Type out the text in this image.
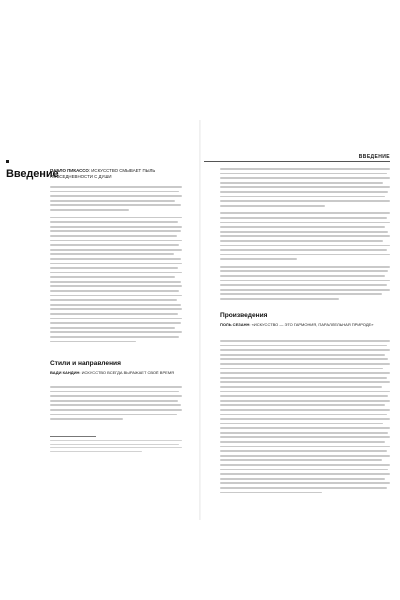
Введение
ПАБЛО ПИКАССО: ИСКУССТВО СМЫВАЕТ ПЫЛЬ ПОВСЕДНЕВНОСТИ С ДУШИ
Стили и направления
ВАДИ КАНДИН: ИСКУССТВО ВСЕГДА ВЫРАЖАЕТ СВОЁ ВРЕМЯ
ВВЕДЕНИЕ
Произведения
ПОЛЬ СЕЗАНН: «ИСКУССТВО — ЭТО ГАРМОНИЯ, ПАРАЛЛЕЛЬНАЯ ПРИРОДЕ»
